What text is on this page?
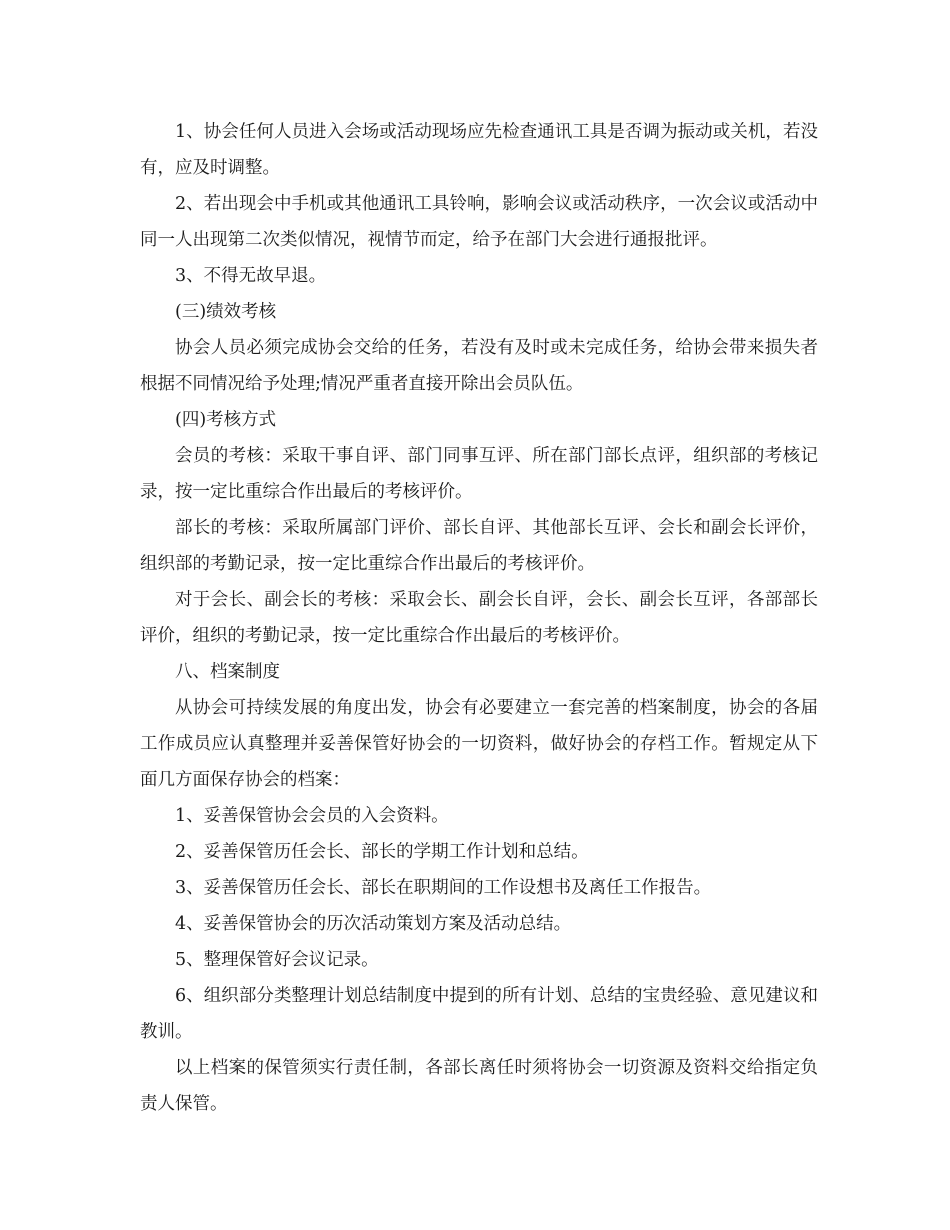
1、协会任何人员进入会场或活动现场应先检查通讯工具是否调为振动或关机，若没有，应及时调整。

2、若出现会中手机或其他通讯工具铃响，影响会议或活动秩序，一次会议或活动中同一人出现第二次类似情况，视情节而定，给予在部门大会进行通报批评。

3、不得无故早退。

(三)绩效考核

协会人员必须完成协会交给的任务，若没有及时或未完成任务，给协会带来损失者根据不同情况给予处理;情况严重者直接开除出会员队伍。

(四)考核方式

会员的考核：采取干事自评、部门同事互评、所在部门部长点评，组织部的考核记录，按一定比重综合作出最后的考核评价。

部长的考核：采取所属部门评价、部长自评、其他部长互评、会长和副会长评价，组织部的考勤记录，按一定比重综合作出最后的考核评价。

对于会长、副会长的考核：采取会长、副会长自评，会长、副会长互评，各部部长评价，组织的考勤记录，按一定比重综合作出最后的考核评价。

八、档案制度

从协会可持续发展的角度出发，协会有必要建立一套完善的档案制度，协会的各届工作成员应认真整理并妥善保管好协会的一切资料，做好协会的存档工作。暂规定从下面几方面保存协会的档案：

1、妥善保管协会会员的入会资料。

2、妥善保管历任会长、部长的学期工作计划和总结。

3、妥善保管历任会长、部长在职期间的工作设想书及离任工作报告。

4、妥善保管协会的历次活动策划方案及活动总结。

5、整理保管好会议记录。

6、组织部分类整理计划总结制度中提到的所有计划、总结的宝贵经验、意见建议和教训。

以上档案的保管须实行责任制，各部长离任时须将协会一切资源及资料交给指定负责人保管。
